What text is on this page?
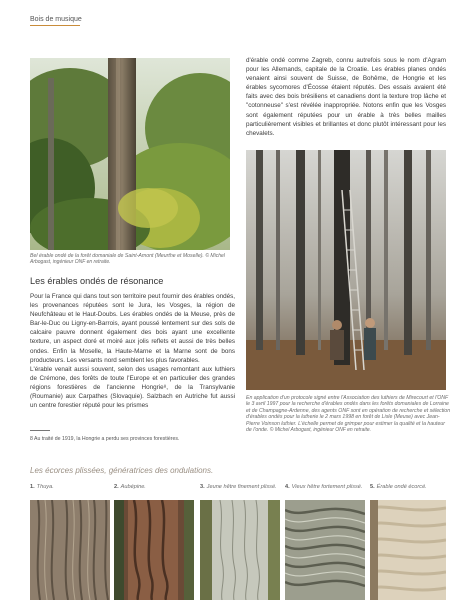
Bois de musique
Bel érable ondé de la forêt domaniale de Saint-Amont (Meurthe et Moselle). © Michel Arbogast, ingénieur ONF en retraite.
Les érables ondés de résonance

Pour la France qui dans tout son territoire peut fournir des érables ondés, les provenances réputées sont le Jura, les Vosges, la région de Neufchâteau et le Haut-Doubs. Les érables ondés de la Meuse, près de Bar-le-Duc ou Ligny-en-Barrois, ayant poussé lentement sur des sols de calcaire pauvre donnent également des bois ayant une excellente texture, un aspect doré et moiré aux jolis reflets et aussi de très belles ondes. Enfin la Moselle, la Haute-Marne et la Marne sont de bons producteurs. Les versants nord semblent les plus favorables.

L'érable venait aussi souvent, selon des usages remontant aux luthiers de Crémone, des forêts de toute l'Europe et en particulier des grandes régions forestières de l'ancienne Hongrie⁸, de la Transylvanie (Roumanie) aux Carpathes (Slovaquie). Salzbach en Autriche fut aussi un centre forestier réputé pour les prismes

8 Au traité de 1919, la Hongrie a perdu ses provinces forestières.
d'érable ondé comme Zagreb, connu autrefois sous le nom d'Agram pour les Allemands, capitale de la Croatie. Les érables planes ondés venaient ainsi souvent de Suisse, de Bohême, de Hongrie et les érables sycomores d'Écosse étaient réputés. Des essais avaient été faits avec des bois brésiliens et canadiens dont la texture trop lâche et "cotonneuse" s'est révélée inappropriée. Notons enfin que les Vosges sont également réputées pour un érable à très belles mailles particulièrement visibles et brillantes et donc plutôt intéressant pour les chevalets.
En application d'un protocole signé entre l'Association des luthiers de Mirecourt et l'ONF le 3 avril 1997 pour la recherche d'érables ondés dans les forêts domaniales de Lorraine et de Champagne-Ardenne, des agents ONF sont en opération de recherche et sélection d'érables ondés pour la lutherie le 2 mars 1998 en forêt de Lisle (Meuse) avec Jean-Pierre Voinson luthier. L'échelle permet de grimper pour estimer la qualité et la hauteur de l'onde. © Michel Arbogast, ingénieur ONF en retraite.
Les écorces plissées, génératrices des ondulations.
1. Thuya.	2. Aubépine.	3. Jeune hêtre finement plissé. 4. Vieux hêtre fortement plissé. 5. Érable ondé écorcé.
